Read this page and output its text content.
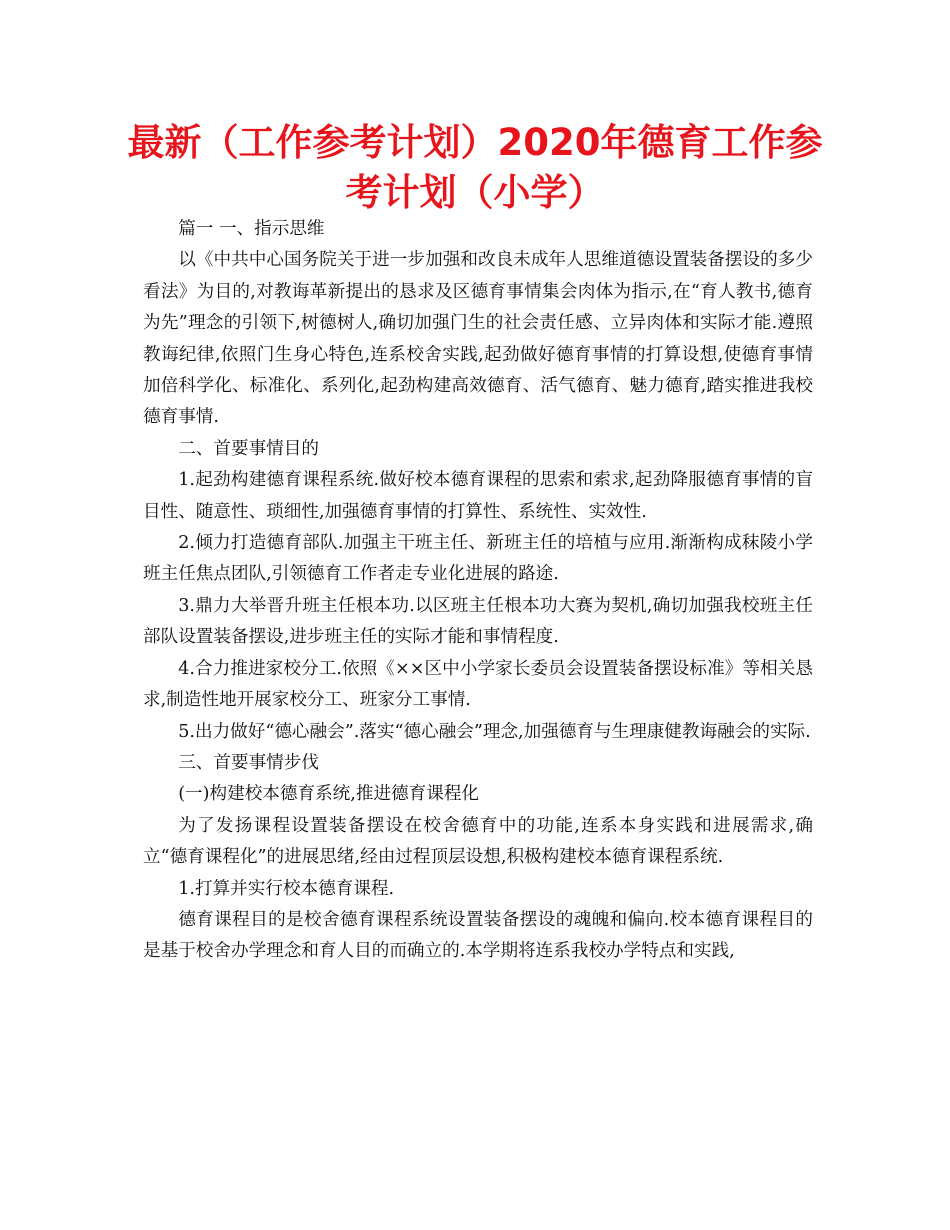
最新（工作参考计划）2020年德育工作参
考计划（小学）

篇一 一、指示思维

以《中共中心国务院关于进一步加强和改良未成年人思维道德设置装备摆设的多少看法》为目的,对教诲革新提出的恳求及区德育事情集会肉体为指示,在“育人教书,德育为先”理念的引领下,树德树人,确切加强门生的社会责任感、立异肉体和实际才能.遵照教诲纪律,依照门生身心特色,连系校舍实践,起劲做好德育事情的打算设想,使德育事情加倍科学化、标准化、系列化,起劲构建高效德育、活气德育、魅力德育,踏实推进我校德育事情.

二、首要事情目的

1.起劲构建德育课程系统.做好校本德育课程的思索和索求,起劲降服德育事情的盲目性、随意性、琐细性,加强德育事情的打算性、系统性、实效性.

2.倾力打造德育部队.加强主干班主任、新班主任的培植与应用.渐渐构成秣陵小学班主任焦点团队,引领德育工作者走专业化进展的路途.

3.鼎力大举晋升班主任根本功.以区班主任根本功大赛为契机,确切加强我校班主任部队设置装备摆设,进步班主任的实际才能和事情程度.

4.合力推进家校分工.依照《××区中小学家长委员会设置装备摆设标准》等相关恳求,制造性地开展家校分工、班家分工事情.

5.出力做好“德心融会”.落实“德心融会”理念,加强德育与生理康健教诲融会的实际.

三、首要事情步伐

(一)构建校本德育系统,推进德育课程化

为了发扬课程设置装备摆设在校舍德育中的功能,连系本身实践和进展需求,确立“德育课程化”的进展思绪,经由过程顶层设想,积极构建校本德育课程系统.

1.打算并实行校本德育课程.

德育课程目的是校舍德育课程系统设置装备摆设的魂魄和偏向.校本德育课程目的是基于校舍办学理念和育人目的而确立的.本学期将连系我校办学特点和实践,
